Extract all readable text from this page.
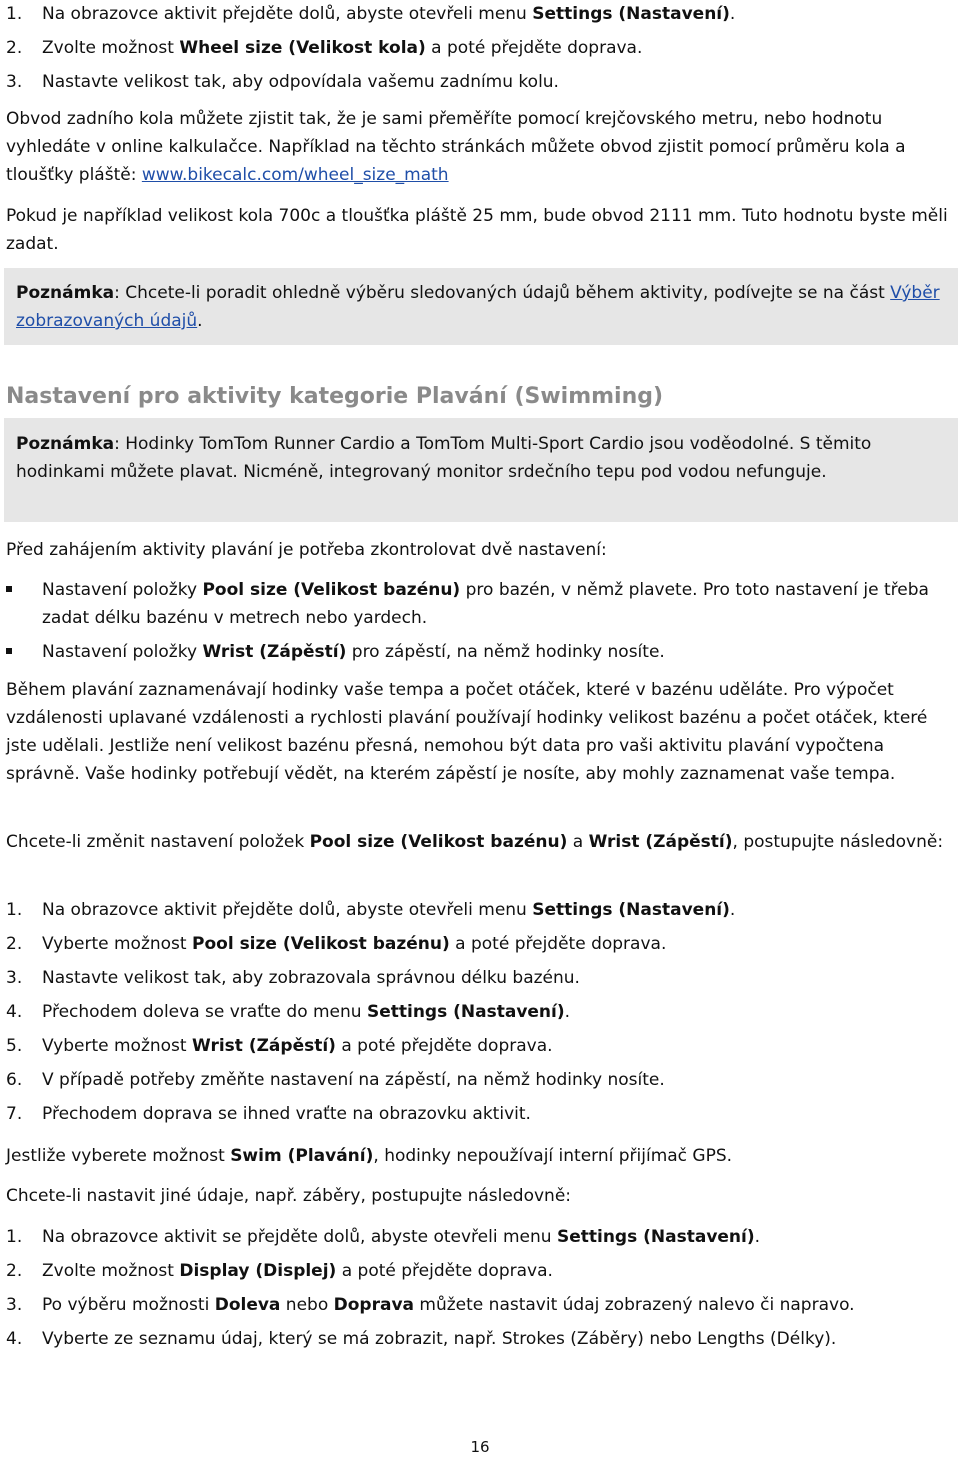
1. Na obrazovce aktivit přejděte dolů, abyste otevřeli menu Settings (Nastavení).
2. Zvolte možnost Wheel size (Velikost kola) a poté přejděte doprava.
3. Nastavte velikost tak, aby odpovídala vašemu zadnímu kolu.

Obvod zadního kola můžete zjistit tak, že je sami přeměříte pomocí krejčovského metru, nebo hodnotu vyhledáte v online kalkulačce. Například na těchto stránkách můžete obvod zjistit pomocí průměru kola a tloušťky pláště: www.bikecalc.com/wheel_size_math

Pokud je například velikost kola 700c a tloušťka pláště 25 mm, bude obvod 2111 mm. Tuto hodnotu byste měli zadat.

Poznámka: Chcete-li poradit ohledně výběru sledovaných údajů během aktivity, podívejte se na část Výběr zobrazovaných údajů.

Nastavení pro aktivity kategorie Plavání (Swimming)

Poznámka: Hodinky TomTom Runner Cardio a TomTom Multi-Sport Cardio jsou voděodolné. S těmito hodinkami můžete plavat. Nicméně, integrovaný monitor srdečního tepu pod vodou nefunguje.

Před zahájením aktivity plavání je potřeba zkontrolovat dvě nastavení:

Nastavení položky Pool size (Velikost bazénu) pro bazén, v němž plavete. Pro toto nastavení je třeba zadat délku bazénu v metrech nebo yardech.
Nastavení položky Wrist (Zápěstí) pro zápěstí, na němž hodinky nosíte.

Během plavání zaznamenávají hodinky vaše tempa a počet otáček, které v bazénu uděláte. Pro výpočet vzdálenosti uplavané vzdálenosti a rychlosti plavání používají hodinky velikost bazénu a počet otáček, které jste udělali. Jestliže není velikost bazénu přesná, nemohou být data pro vaši aktivitu plavání vypočtena správně. Vaše hodinky potřebují vědět, na kterém zápěstí je nosíte, aby mohly zaznamenat vaše tempa.

Chcete-li změnit nastavení položek Pool size (Velikost bazénu) a Wrist (Zápěstí), postupujte následovně:

1. Na obrazovce aktivit přejděte dolů, abyste otevřeli menu Settings (Nastavení).
2. Vyberte možnost Pool size (Velikost bazénu) a poté přejděte doprava.
3. Nastavte velikost tak, aby zobrazovala správnou délku bazénu.
4. Přechodem doleva se vraťte do menu Settings (Nastavení).
5. Vyberte možnost Wrist (Zápěstí) a poté přejděte doprava.
6. V případě potřeby změňte nastavení na zápěstí, na němž hodinky nosíte.
7. Přechodem doprava se ihned vraťte na obrazovku aktivit.

Jestliže vyberete možnost Swim (Plavání), hodinky nepoužívají interní přijímač GPS.

Chcete-li nastavit jiné údaje, např. záběry, postupujte následovně:

1. Na obrazovce aktivit se přejděte dolů, abyste otevřeli menu Settings (Nastavení).
2. Zvolte možnost Display (Displej) a poté přejděte doprava.
3. Po výběru možnosti Doleva nebo Doprava můžete nastavit údaj zobrazený nalevo či napravo.
4. Vyberte ze seznamu údaj, který se má zobrazit, např. Strokes (Záběry) nebo Lengths (Délky).
16
